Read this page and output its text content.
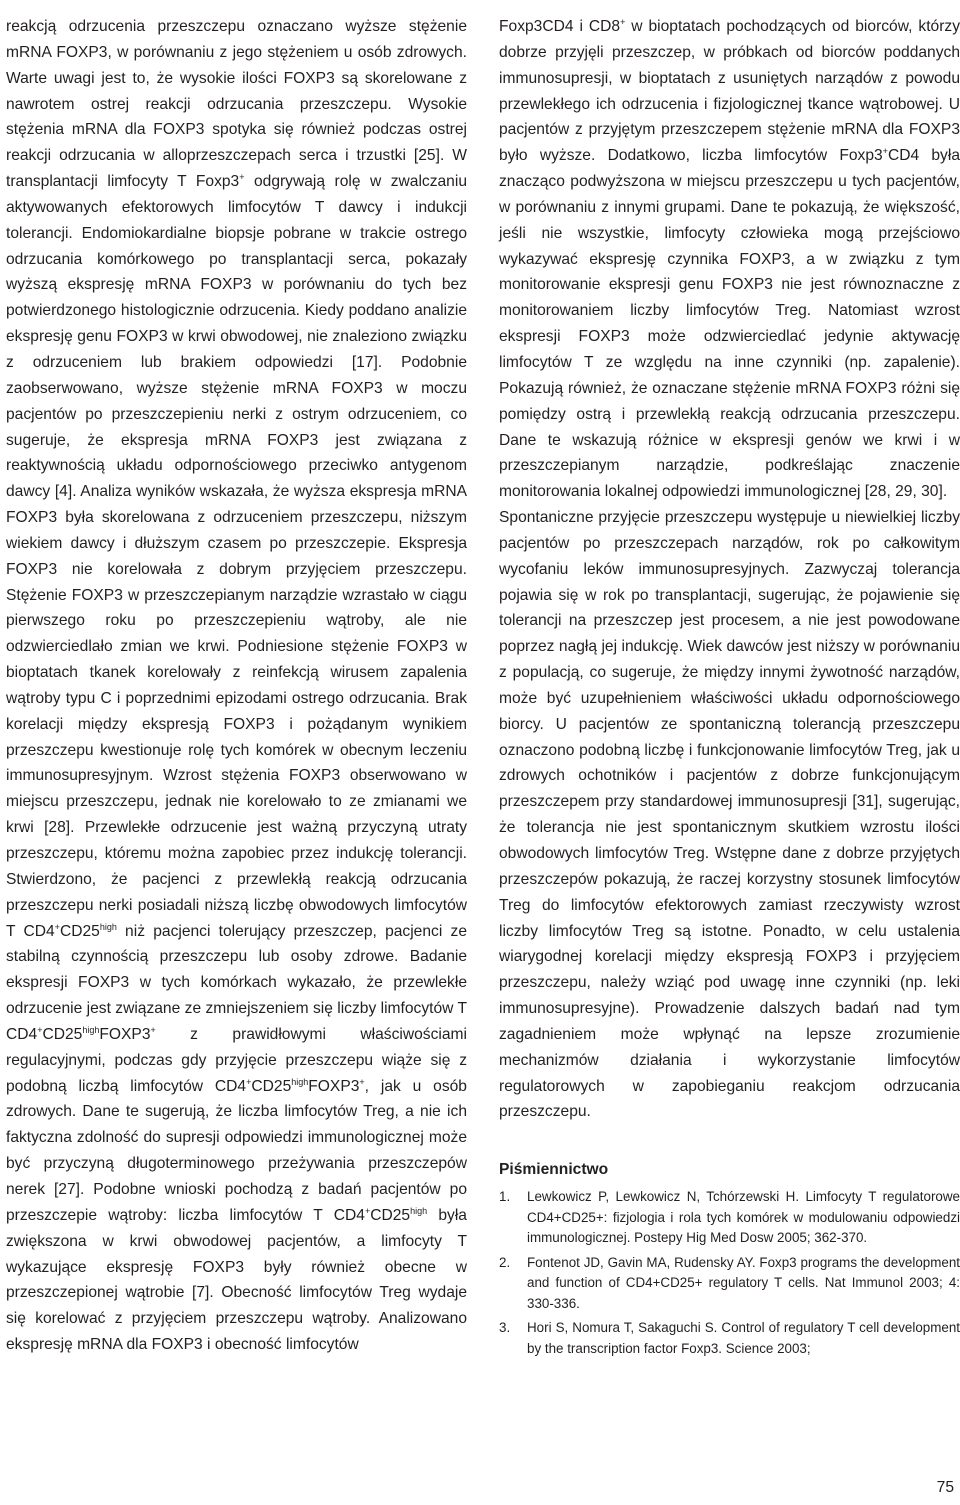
reakcją odrzucenia przeszczepu oznaczano wyższe stężenie mRNA FOXP3, w porównaniu z jego stężeniem u osób zdrowych. Warte uwagi jest to, że wysokie ilości FOXP3 są skorelowane z nawrotem ostrej reakcji odrzucania przeszczepu. Wysokie stężenia mRNA dla FOXP3 spotyka się również podczas ostrej reakcji odrzucania w alloprzeszczepach serca i trzustki [25]. W transplantacji limfocyty T Foxp3+ odgrywają rolę w zwalczaniu aktywowanych efektorowych limfocytów T dawcy i indukcji tolerancji. Endomiokardialne biopsje pobrane w trakcie ostrego odrzucania komórkowego po transplantacji serca, pokazały wyższą ekspresję mRNA FOXP3 w porównaniu do tych bez potwierdzonego histologicznie odrzucenia. Kiedy poddano analizie ekspresję genu FOXP3 w krwi obwodowej, nie znaleziono związku z odrzuceniem lub brakiem odpowiedzi [17]. Podobnie zaobserwowano, wyższe stężenie mRNA FOXP3 w moczu pacjentów po przeszczepieniu nerki z ostrym odrzuceniem, co sugeruje, że ekspresja mRNA FOXP3 jest związana z reaktywnością układu odpornościowego przeciwko antygenom dawcy [4]. Analiza wyników wskazała, że wyższa ekspresja mRNA FOXP3 była skorelowana z odrzuceniem przeszczepu, niższym wiekiem dawcy i dłuższym czasem po przeszczepie. Ekspresja FOXP3 nie korelowała z dobrym przyjęciem przeszczepu. Stężenie FOXP3 w przeszczepianym narządzie wzrastało w ciągu pierwszego roku po przeszczepieniu wątroby, ale nie odzwierciedlało zmian we krwi. Podniesione stężenie FOXP3 w bioptatach tkanek korelowały z reinfekcją wirusem zapalenia wątroby typu C i poprzednimi epizodami ostrego odrzucania. Brak korelacji między ekspresją FOXP3 i pożądanym wynikiem przeszczepu kwestionuje rolę tych komórek w obecnym leczeniu immunosupresyjnym. Wzrost stężenia FOXP3 obserwowano w miejscu przeszczepu, jednak nie korelowało to ze zmianami we krwi [28]. Przewlekłe odrzucenie jest ważną przyczyną utraty przeszczepu, któremu można zapobiec przez indukcję tolerancji. Stwierdzono, że pacjenci z przewlekłą reakcją odrzucania przeszczepu nerki posiadali niższą liczbę obwodowych limfocytów T $CD4^+CD25^{high}$ niż pacjenci tolerujący przeszczep, pacjenci ze stabilną czynnością przeszczepu lub osoby zdrowe. Badanie ekspresji FOXP3 w tych komórkach wykazało, że przewlekłe odrzucenie jest związane ze zmniejszeniem się liczby limfocytów T $CD4^+CD25^{high}FOXP3^+$ z prawidłowymi właściwościami regulacyjnymi, podczas gdy przyjęcie przeszczepu wiąże się z podobną liczbą limfocytów $CD4^+CD25^{high}FOXP3^+$, jak u osób zdrowych. Dane te sugerują, że liczba limfocytów Treg, a nie ich faktyczna zdolność do supresji odpowiedzi immunologicznej może być przyczyną długoterminowego przeżywania przeszczepów nerek [27]. Podobne wnioski pochodzą z badań pacjentów po przeszczepie wątroby: liczba limfocytów T $CD4^+CD25^{high}$ była zwiększona w krwi obwodowej pacjentów, a limfocyty T wykazujące ekspresję FOXP3 były również obecne w przeszczepionej wątrobie [7]. Obecność limfocytów Treg wydaje się korelować z przyjęciem przeszczepu wątroby. Analizowano ekspresję mRNA dla FOXP3 i obecność limfocytów

Foxp3CD4 i CD8+ w bioptatach pochodzących od biorców, którzy dobrze przyjęli przeszczep, w próbkach od biorców poddanych immunosupresji, w bioptatach z usuniętych narządów z powodu przewlekłego ich odrzucenia i fizjologicznej tkance wątrobowej. U pacjentów z przyjętym przeszczepem stężenie mRNA dla FOXP3 było wyższe. Dodatkowo, liczba limfocytów Foxp3+CD4 była znacząco podwyższona w miejscu przeszczepu u tych pacjentów, w porównaniu z innymi grupami. Dane te pokazują, że większość, jeśli nie wszystkie, limfocyty człowieka mogą przejściowo wykazywać ekspresję czynnika FOXP3, a w związku z tym monitorowanie ekspresji genu FOXP3 nie jest równoznaczne z monitorowaniem liczby limfocytów Treg. Natomiast wzrost ekspresji FOXP3 może odzwierciedlać jedynie aktywację limfocytów T ze względu na inne czynniki (np. zapalenie). Pokazują również, że oznaczane stężenie mRNA FOXP3 różni się pomiędzy ostrą i przewlekłą reakcją odrzucania przeszczepu. Dane te wskazują różnice w ekspresji genów we krwi i w przeszczepianym narządzie, podkreślając znaczenie monitorowania lokalnej odpowiedzi immunologicznej [28, 29, 30].

Spontaniczne przyjęcie przeszczepu występuje u niewielkiej liczby pacjentów po przeszczepach narządów, rok po całkowitym wycofaniu leków immunosupresyjnych. Zazwyczaj tolerancja pojawia się w rok po transplantacji, sugerując, że pojawienie się tolerancji na przeszczep jest procesem, a nie jest powodowane poprzez nagłą jej indukcję. Wiek dawców jest niższy w porównaniu z populacją, co sugeruje, że między innymi żywotność narządów, może być uzupełnieniem właściwości układu odpornościowego biorcy. U pacjentów ze spontaniczną tolerancją przeszczepu oznaczono podobną liczbę i funkcjonowanie limfocytów Treg, jak u zdrowych ochotników i pacjentów z dobrze funkcjonującym przeszczepem przy standardowej immunosupresji [31], sugerując, że tolerancja nie jest spontanicznym skutkiem wzrostu ilości obwodowych limfocytów Treg. Wstępne dane z dobrze przyjętych przeszczepów pokazują, że raczej korzystny stosunek limfocytów Treg do limfocytów efektorowych zamiast rzeczywisty wzrost liczby limfocytów Treg są istotne. Ponadto, w celu ustalenia wiarygodnej korelacji między ekspresją FOXP3 i przyjęciem przeszczepu, należy wziąć pod uwagę inne czynniki (np. leki immunosupresyjne). Prowadzenie dalszych badań nad tym zagadnieniem może wpłynąć na lepsze zrozumienie mechanizmów działania i wykorzystanie limfocytów regulatorowych w zapobieganiu reakcjom odrzucania przeszczepu.

Piśmiennictwo
1. Lewkowicz P, Lewkowicz N, Tchórzewski H. Limfocyty T regulatorowe CD4+CD25+: fizjologia i rola tych komórek w modulowaniu odpowiedzi immunologicznej. Postepy Hig Med Dosw 2005; 362-370.
2. Fontenot JD, Gavin MA, Rudensky AY. Foxp3 programs the development and function of CD4+CD25+ regulatory T cells. Nat Immunol 2003; 4: 330-336.
3. Hori S, Nomura T, Sakaguchi S. Control of regulatory T cell development by the transcription factor Foxp3. Science 2003;
75
